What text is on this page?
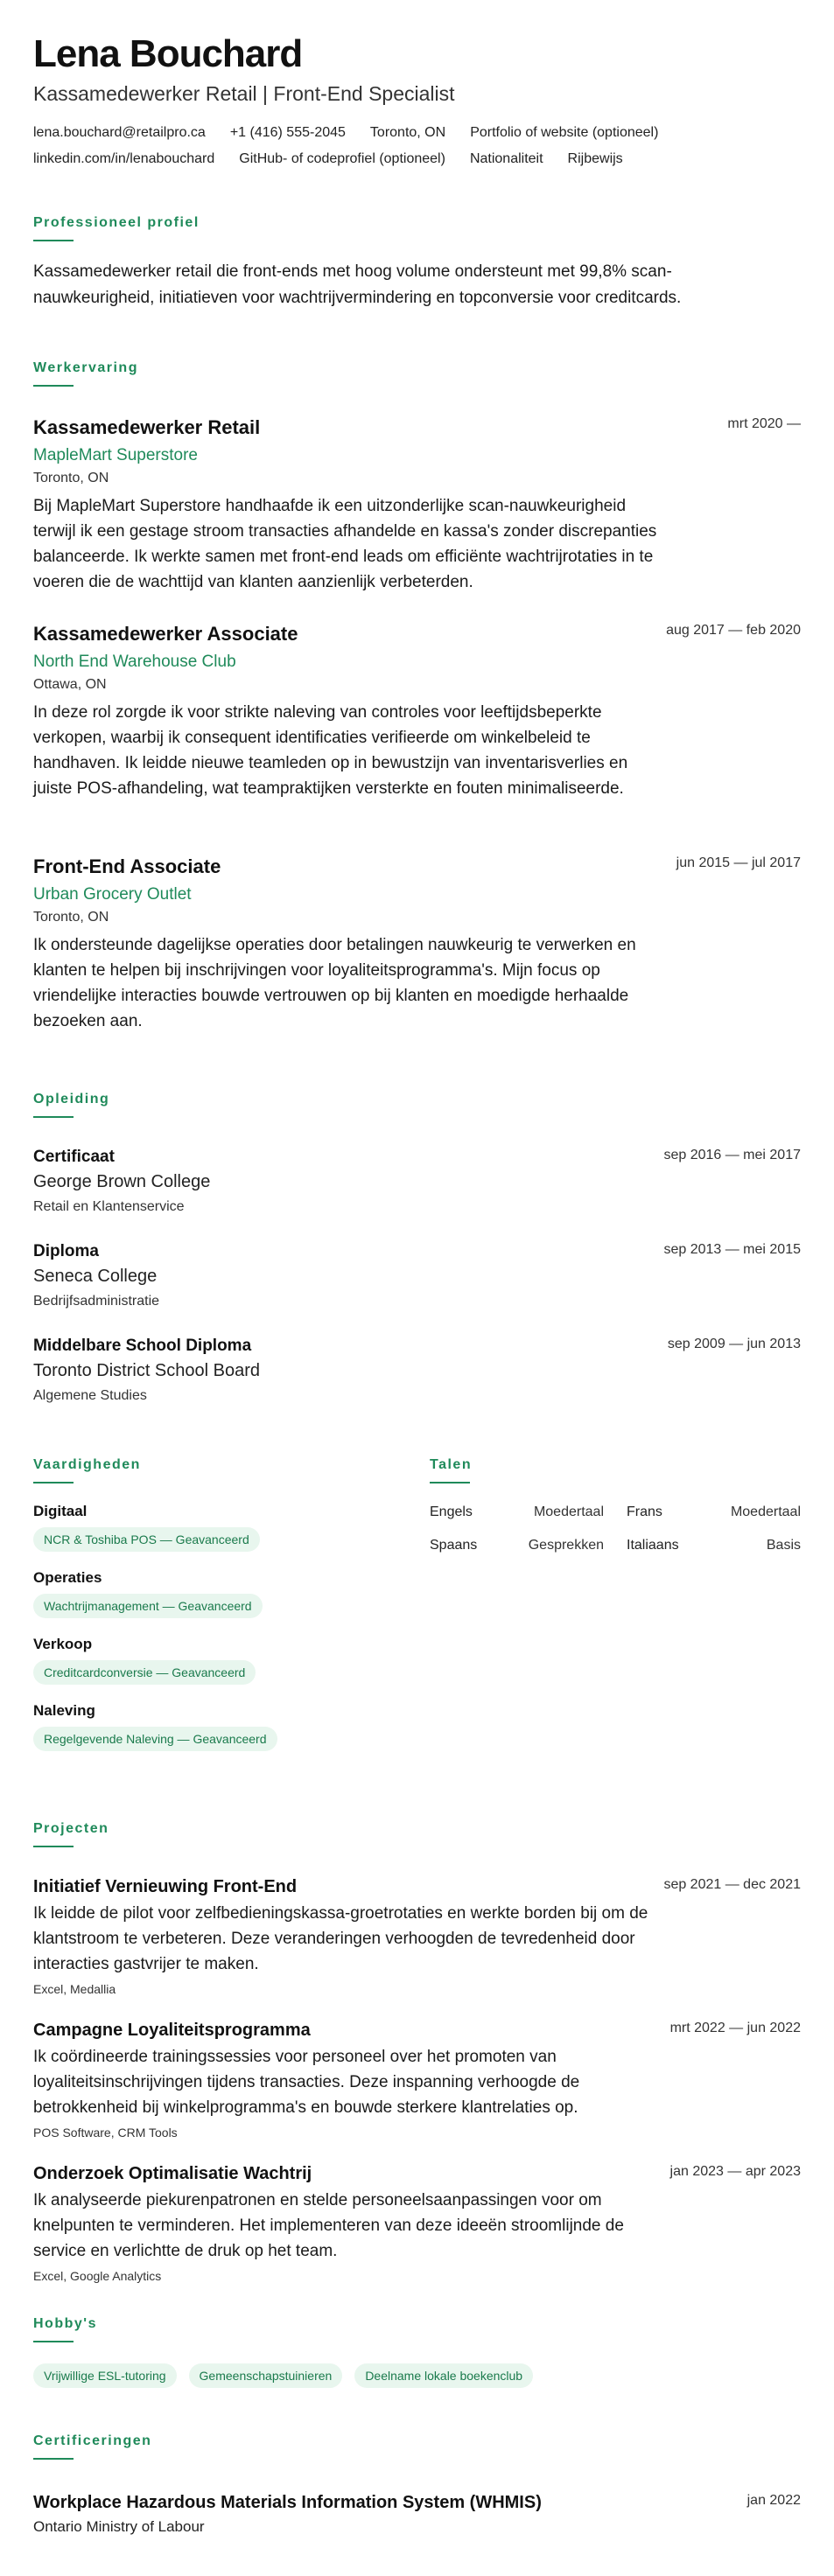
Lena Bouchard
Kassamedewerker Retail | Front-End Specialist
lena.bouchard@retailpro.ca +1 (416) 555-2045 Toronto, ON Portfolio of website (optioneel)
linkedin.com/in/lenabouchard GitHub- of codeprofiel (optioneel) Nationaliteit Rijbewijs
Professioneel profiel
Kassamedewerker retail die front-ends met hoog volume ondersteunt met 99,8% scan-nauwkeurigheid, initiatieven voor wachtrijvermindering en topconversie voor creditcards.
Werkervaring
mrt 2020 —
Kassamedewerker Retail
MapleMart Superstore
Toronto, ON
Bij MapleMart Superstore handhaafde ik een uitzonderlijke scan-nauwkeurigheid terwijl ik een gestage stroom transacties afhandelde en kassa's zonder discrepanties balanceerde. Ik werkte samen met front-end leads om efficiënte wachtrijrotaties in te voeren die de wachttijd van klanten aanzienlijk verbeterden.
aug 2017 — feb 2020
Kassamedewerker Associate
North End Warehouse Club
Ottawa, ON
In deze rol zorgde ik voor strikte naleving van controles voor leeftijdsbeperkte verkopen, waarbij ik consequent identificaties verifieerde om winkelbeleid te handhaven. Ik leidde nieuwe teamleden op in bewustzijn van inventarisverlies en juiste POS-afhandeling, wat teampraktijken versterkte en fouten minimaliseerde.
jun 2015 — jul 2017
Front-End Associate
Urban Grocery Outlet
Toronto, ON
Ik ondersteunde dagelijkse operaties door betalingen nauwkeurig te verwerken en klanten te helpen bij inschrijvingen voor loyaliteitsprogramma's. Mijn focus op vriendelijke interacties bouwde vertrouwen op bij klanten en moedigde herhaalde bezoeken aan.
Opleiding
sep 2016 — mei 2017
Certificaat
George Brown College
Retail en Klantenservice
sep 2013 — mei 2015
Diploma
Seneca College
Bedrijfsadministratie
sep 2009 — jun 2013
Middelbare School Diploma
Toronto District School Board
Algemene Studies
Vaardigheden
Digitaal
NCR & Toshiba POS — Geavanceerd
Operaties
Wachtrijmanagement — Geavanceerd
Verkoop
Creditcardconversie — Geavanceerd
Naleving
Regelgevende Naleving — Geavanceerd
Talen
Engels	Moedertaal Frans	Moedertaal
Spaans	Gesprekken Italiaans	Basis
Projecten
sep 2021 — dec 2021
Initiatief Vernieuwing Front-End
Ik leidde de pilot voor zelfbedieningskassa-groetrotaties en werkte borden bij om de klantstroom te verbeteren. Deze veranderingen verhoogden de tevredenheid door interacties gastvrijer te maken.
Excel, Medallia
mrt 2022 — jun 2022
Campagne Loyaliteitsprogramma
Ik coördineerde trainingssessies voor personeel over het promoten van loyaliteitsinschrijvingen tijdens transacties. Deze inspanning verhoogde de betrokkenheid bij winkelprogramma's en bouwde sterkere klantrelaties op.
POS Software, CRM Tools
jan 2023 — apr 2023
Onderzoek Optimalisatie Wachtrij
Ik analyseerde piekurenpatronen en stelde personeelsaanpassingen voor om knelpunten te verminderen. Het implementeren van deze ideeën stroomlijnde de service en verlichtte de druk op het team.
Excel, Google Analytics
Hobby's
Vrijwillige ESL-tutoring	Gemeenschapstuinieren	Deelname lokale boekenclub
Certificeringen
jan 2022
Workplace Hazardous Materials Information System (WHMIS)
Ontario Ministry of Labour
